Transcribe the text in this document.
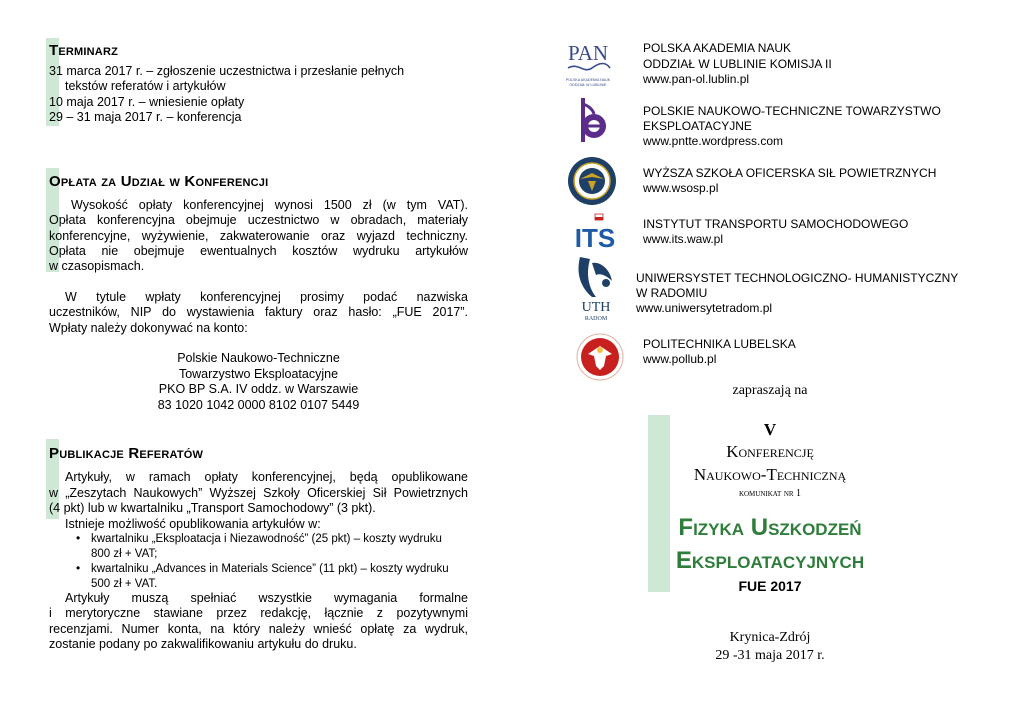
Terminarz
31 marca 2017 r. – zgłoszenie uczestnictwa i przesłanie pełnych
tekstów referatów i artykułów
10 maja 2017 r. – wniesienie opłaty
29 – 31 maja 2017 r. – konferencja
Opłata za Udział w Konferencji
Wysokość opłaty konferencyjnej wynosi 1500 zł (w tym VAT).
Opłata konferencyjna obejmuje uczestnictwo w obradach, materiały
konferencyjne, wyżywienie, zakwaterowanie oraz wyjazd techniczny.
Opłata nie obejmuje ewentualnych kosztów wydruku artykułów
w czasopismach.
W tytule wpłaty konferencyjnej prosimy podać nazwiska
uczestników, NIP do wystawienia faktury oraz hasło: „FUE 2017”.
Wpłaty należy dokonywać na konto:
Polskie Naukowo-Techniczne
Towarzystwo Eksploatacyjne
PKO BP S.A. IV oddz. w Warszawie
83 1020 1042 0000 8102 0107 5449
Publikacje Referatów
Artykuły, w ramach opłaty konferencyjnej, będą opublikowane
w „Zeszytach Naukowych” Wyższej Szkoły Oficerskiej Sił Powietrznych
(4 pkt) lub w kwartalniku „Transport Samochodowy” (3 pkt).
Istnieje możliwość opublikowania artykułów w:
• kwartalniku „Eksploatacja i Niezawodność” (25 pkt) – koszty wydruku
800 zł + VAT;
• kwartalniku „Advances in Materials Science” (11 pkt) – koszty wydruku
500 zł + VAT.
Artykuły muszą spełniać wszystkie wymagania formalne
i merytoryczne stawiane przez redakcję, łącznie z pozytywnymi
recenzjami. Numer konta, na który należy wnieść opłatę za wydruk,
zostanie podany po zakwalifikowaniu artykułu do druku.
PAN
POLSKA AKADEMIA NAUK
ODDZIAŁ W LUBLINIE
POLSKA AKADEMIA NAUK
ODDZIAŁ W LUBLINIE KOMISJA II
www.pan-ol.lublin.pl
POLSKIE NAUKOWO-TECHNICZNE TOWARZYSTWO
EKSPLOATACYJNE
www.pntte.wordpress.com
WYŻSZA SZKOŁA OFICERSKA SIŁ POWIETRZNYCH
www.wsosp.pl
ITS INSTYTUT TRANSPORTU SAMOCHODOWEGO
www.its.waw.pl
UTH
RADOM
UNIWERSYSTET TECHNOLOGICZNO- HUMANISTYCZNY
W RADOMIU
www.uniwersytetradom.pl
POLITECHNIKA LUBELSKA
www.pollub.pl
zapraszają na
V
Konferencję
Naukowo-Techniczną
komunikat nr 1
Fizyka Uszkodzeń
Eksploatacyjnych
FUE 2017
Krynica-Zdrój
29 -31 maja 2017 r.
